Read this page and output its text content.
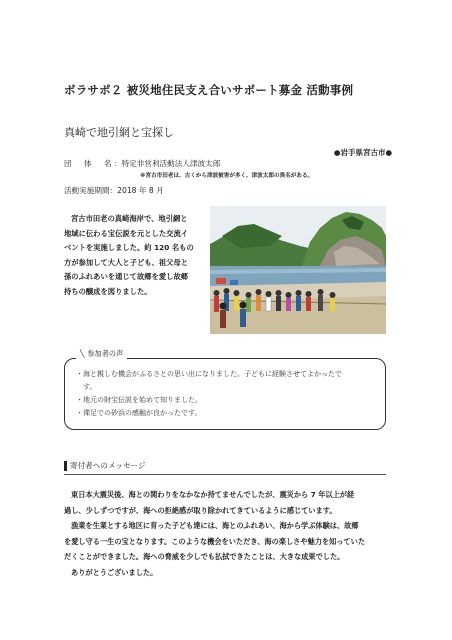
ボラサポ２ 被災地住民支え合いサポート募金 活動事例
真崎で地引網と宝探し
●岩手県宮古市●
団 体 名：特定非営利活動法人津波太郎
※宮古市田老は、古くから津波被害が多く、津波太郎の異名がある。
活動実施期間：2018 年 8 月
宮古市田老の真崎海岸で、地引網と
地域に伝わる宝伝説を元とした交流イ
ベントを実施しました。約 120 名もの
方が参加して大人と子ども、祖父母と
孫のふれあいを通じて故郷を愛し故郷
持ちの醸成を図りました。
╲ 参加者の声
・海と親しむ機会がふるさとの思い出になりました。子どもに経験させてよかったで
　す。
・地元の財宝伝説を始めて知りました。
・裸足での砂浜の感触が良かったです。
寄付者へのメッセージ
東日本大震災後、海との関わりをなかなか持てませんでしたが、震災から 7 年以上が経
過し、少しずつですが、海への拒絶感が取り除かれてきているように感じています。
漁業を生業とする地区に育った子ども達には、海とのふれあい、海から学ぶ体験は、故郷
を愛し守る一生の宝となります。このような機会をいただき、海の楽しさや魅力を知っていた
だくことができました。海への脅威を少しでも払拭できたことは、大きな成果でした。
ありがとうございました。
